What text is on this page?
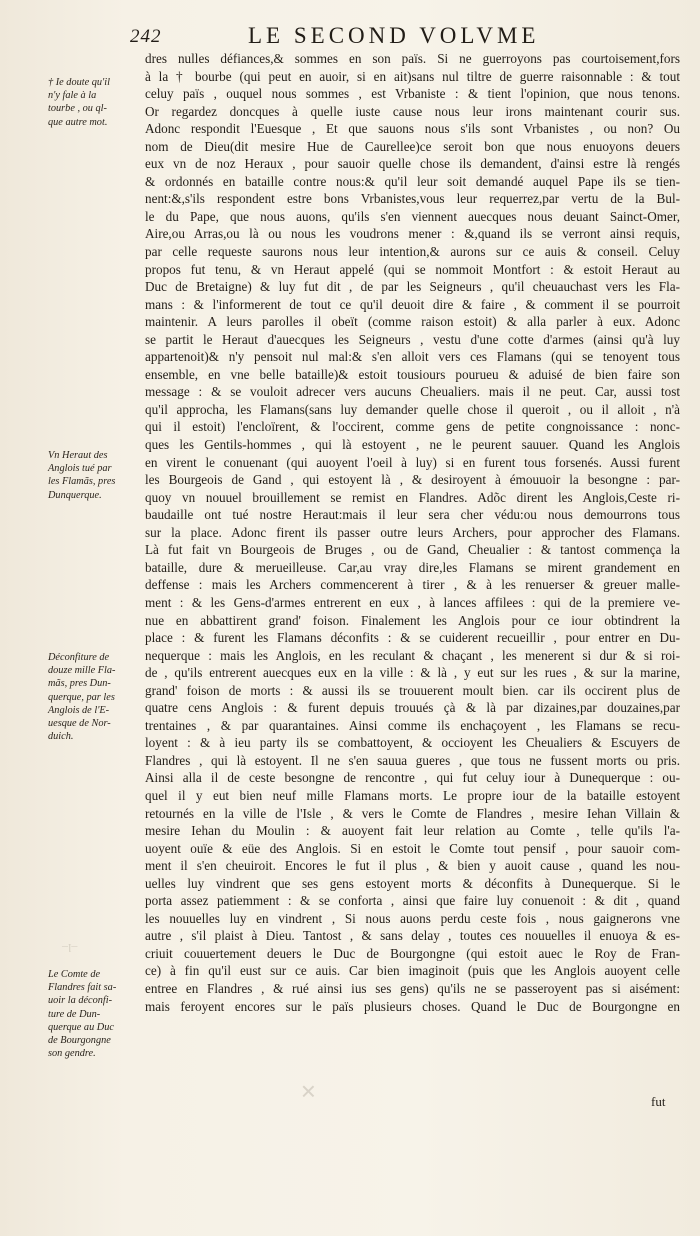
242	LE SECOND VOLVME
† Ie doute qu'il
n'y fale à la
tourbe , ou ql-
que autre mot.
Vn Heraut des
Anglois tué par
les Flamãs, pres
Dunquerque.
Déconfiture de
douze mille Fla-
mãs, pres Dun-
querque, par les
Anglois de l'E-
uesque de Nor-
duich.
Le Comte de
Flandres fait sa-
uoir la déconfi-
ture de Dun-
querque au Duc
de Bourgongne
son gendre.
dres nulles défiances,& sommes en son païs. Si ne guerroyons pas courtoisement,fors
à la † bourbe (qui peut en auoir, si en ait)sans nul tiltre de guerre raisonnable : & tout
celuy païs , ouquel nous sommes , est Vrbaniste : & tient l'opinion, que nous tenons.
Or regardez doncques à quelle iuste cause nous leur irons maintenant courir sus.
Adonc respondit l'Euesque , Et que sauons nous s'ils sont Vrbanistes , ou non? Ou
nom de Dieu(dit mesire Hue de Caurellee)ce seroit bon que nous enuoyons deuers
eux vn de noz Heraux , pour sauoir quelle chose ils demandent, d'ainsi estre là rengés
& ordonnés en bataille contre nous:& qu'il leur soit demandé auquel Pape ils se tien-
nent:&,s'ils respondent estre bons Vrbanistes,vous leur requerrez,par vertu de la Bul-
le du Pape, que nous auons, qu'ils s'en viennent auecques nous deuant Sainct-Omer,
Aire,ou Arras,ou là ou nous les voudrons mener : &,quand ils se verront ainsi requis,
par celle requeste saurons nous leur intention,& aurons sur ce auis & conseil. Celuy
propos fut tenu, & vn Heraut appelé (qui se nommoit Montfort : & estoit Heraut au
Duc de Bretaigne) & luy fut dit , de par les Seigneurs , qu'il cheuauchast vers les Fla-
mans : & l'informerent de tout ce qu'il deuoit dire & faire , & comment il se pourroit
maintenir. A leurs parolles il obeït (comme raison estoit) & alla parler à eux. Adonc
se partit le Heraut d'auecques les Seigneurs , vestu d'une cotte d'armes (ainsi qu'à luy
appartenoit)& n'y pensoit nul mal:& s'en alloit vers ces Flamans (qui se tenoyent tous
ensemble, en vne belle bataille)& estoit tousiours pourueu & aduisé de bien faire son
message : & se vouloit adrecer vers aucuns Cheualiers. mais il ne peut. Car, aussi tost
qu'il approcha, les Flamans(sans luy demander quelle chose il queroit , ou il alloit , n'à
qui il estoit) l'encloïrent, & l'occirent, comme gens de petite congnoissance : nonc-
ques les Gentils-hommes , qui là estoyent , ne le peurent sauuer. Quand les Anglois
en virent le conuenant (qui auoyent l'oeil à luy) si en furent tous forsenés. Aussi furent
les Bourgeois de Gand , qui estoyent là , & desiroyent à émouuoir la besongne : par-
quoy vn nouuel brouillement se remist en Flandres. Adõc dirent les Anglois,Ceste ri-
baudaille ont tué nostre Heraut:mais il leur sera cher védu:ou nous demourrons tous
sur la place. Adonc firent ils passer outre leurs Archers, pour approcher des Flamans.
Là fut fait vn Bourgeois de Bruges , ou de Gand, Cheualier : & tantost commença la
bataille, dure & merueilleuse. Car,au vray dire,les Flamans se mirent grandement en
deffense : mais les Archers commencerent à tirer , & à les renuerser & greuer malle-
ment : & les Gens-d'armes entrerent en eux , à lances affilees : qui de la premiere ve-
nue en abbattirent grand' foison. Finalement les Anglois pour ce iour obtindrent la
place : & furent les Flamans déconfits : & se cuiderent recueillir , pour entrer en Du-
nequerque : mais les Anglois, en les reculant & chaçant , les menerent si dur & si roi-
de , qu'ils entrerent auecques eux en la ville : & là , y eut sur les rues , & sur la marine,
grand' foison de morts : & aussi ils se trouuerent moult bien. car ils occirent plus de
quatre cens Anglois : & furent depuis trouués çà & là par dizaines,par douzaines,par
trentaines , & par quarantaines. Ainsi comme ils enchaçoyent , les Flamans se recu-
loyent : & à ieu party ils se combattoyent, & occioyent les Cheualiers & Escuyers de
Flandres , qui là estoyent. Il ne s'en sauua gueres , que tous ne fussent morts ou pris.
Ainsi alla il de ceste besongne de rencontre , qui fut celuy iour à Dunequerque : ou-
quel il y eut bien neuf mille Flamans morts. Le propre iour de la bataille estoyent
retournés en la ville de l'Isle , & vers le Comte de Flandres , mesire Iehan Villain &
mesire Iehan du Moulin : & auoyent fait leur relation au Comte , telle qu'ils l'a-
uoyent ouïe & eüe des Anglois. Si en estoit le Comte tout pensif , pour sauoir com-
ment il s'en cheuiroit. Encores le fut il plus , & bien y auoit cause , quand les nou-
uelles luy vindrent que ses gens estoyent morts & déconfits à Dunequerque. Si le
porta assez patiemment : & se conforta , ainsi que faire luy conuenoit : & dit , quand
les nouuelles luy en vindrent , Si nous auons perdu ceste fois , nous gaignerons vne
autre , s'il plaist à Dieu. Tantost , & sans delay , toutes ces nouuelles il enuoya & es-
criuit couuertement deuers le Duc de Bourgongne (qui estoit auec le Roy de Fran-
ce) à fin qu'il eust sur ce auis. Car bien imaginoit (puis que les Anglois auoyent celle
entree en Flandres , & rué ainsi ius ses gens) qu'ils ne se passeroyent pas si aisément:
mais feroyent encores sur le païs plusieurs choses. Quand le Duc de Bourgongne en
fut
✕
–l–
